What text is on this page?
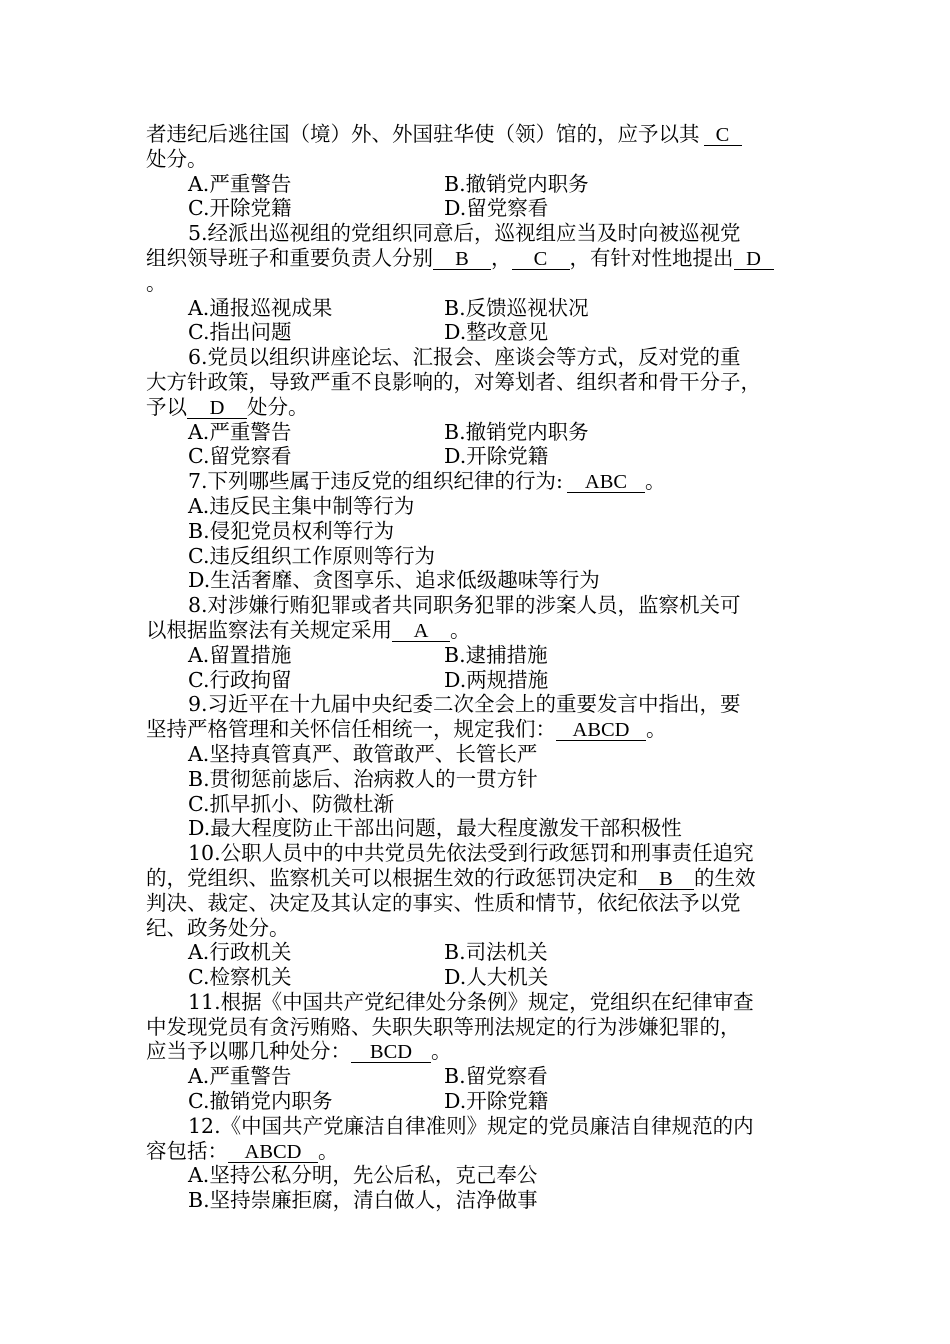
者违纪后逃往国（境）外、外国驻华使（领）馆的，应予以其 C
处分。
A.严重警告	B.撤销党内职务
C.开除党籍	D.留党察看
5.经派出巡视组的党组织同意后，巡视组应当及时向被巡视党
组织领导班子和重要负责人分别 B ， C ，有针对性地提出 D
。
A.通报巡视成果	B.反馈巡视状况
C.指出问题	D.整改意见
6.党员以组织讲座论坛、汇报会、座谈会等方式，反对党的重
大方针政策，导致严重不良影响的，对筹划者、组织者和骨干分子，
予以 D 处分。
A.严重警告	B.撤销党内职务
C.留党察看	D.开除党籍
7.下列哪些属于违反党的组织纪律的行为: ABC 。
A.违反民主集中制等行为
B.侵犯党员权利等行为
C.违反组织工作原则等行为
D.生活奢靡、贪图享乐、追求低级趣味等行为
8.对涉嫌行贿犯罪或者共同职务犯罪的涉案人员，监察机关可
以根据监察法有关规定采用 A 。
A.留置措施	B.逮捕措施
C.行政拘留	D.两规措施
9.习近平在十九届中央纪委二次全会上的重要发言中指出，要
坚持严格管理和关怀信任相统一，规定我们： ABCD 。
A.坚持真管真严、敢管敢严、长管长严
B.贯彻惩前毖后、治病救人的一贯方针
C.抓早抓小、防微杜渐
D.最大程度防止干部出问题，最大程度激发干部积极性
10.公职人员中的中共党员先依法受到行政惩罚和刑事责任追究
的，党组织、监察机关可以根据生效的行政惩罚决定和 B 的生效
判决、裁定、决定及其认定的事实、性质和情节，依纪依法予以党
纪、政务处分。
A.行政机关	B.司法机关
C.检察机关	D.人大机关
11.根据《中国共产党纪律处分条例》规定，党组织在纪律审查
中发现党员有贪污贿赂、失职失职等刑法规定的行为涉嫌犯罪的，
应当予以哪几种处分： BCD 。
A.严重警告	B.留党察看
C.撤销党内职务	D.开除党籍
12.《中国共产党廉洁自律准则》规定的党员廉洁自律规范的内
容包括： ABCD 。
A.坚持公私分明，先公后私，克己奉公
B.坚持崇廉拒腐，清白做人，洁净做事
